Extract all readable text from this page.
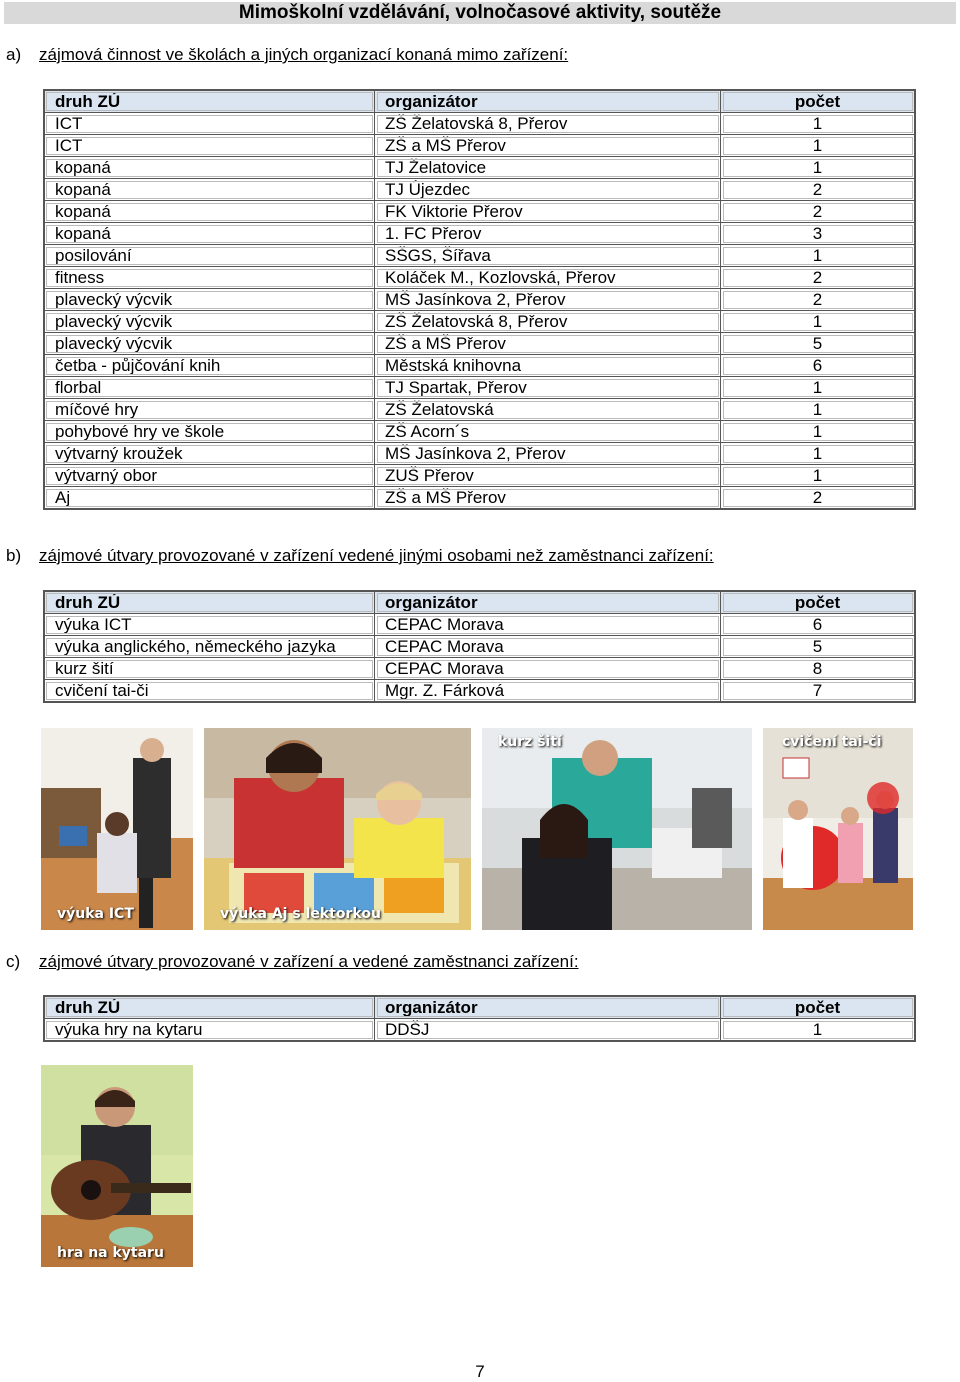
Mimoškolní vzdělávání, volnočasové aktivity, soutěže
a) zájmová činnost ve školách a jiných organizací konaná mimo zařízení:
druh ZÚ	organizátor	počet
ICT	ZŠ Želatovská 8, Přerov	1
ICT	ZŠ a MŠ Přerov	1
kopaná	TJ Želatovice	1
kopaná	TJ Újezdec	2
kopaná	FK Viktorie Přerov	2
kopaná	1. FC Přerov	3
posilování	SŠGS, Šířava	1
fitness	Koláček M., Kozlovská, Přerov	2
plavecký výcvik	MŠ Jasínkova 2, Přerov	2
plavecký výcvik	ZŠ Želatovská 8, Přerov	1
plavecký výcvik	ZŠ a MŠ Přerov	5
četba - půjčování knih	Městská knihovna	6
florbal	TJ Spartak, Přerov	1
míčové hry	ZŠ Želatovská	1
pohybové hry ve škole	ZŠ Acorn´s	1
výtvarný kroužek	MŠ Jasínkova 2, Přerov	1
výtvarný obor	ZUŠ Přerov	1
Aj	ZŠ a MŠ Přerov	2
b) zájmové útvary provozované v zařízení vedené jinými osobami než zaměstnanci zařízení:
druh ZÚ	organizátor	počet
výuka ICT	CEPAC Morava	6
výuka anglického, německého jazyka	CEPAC Morava	5
kurz šití	CEPAC Morava	8
cvičení tai-či	Mgr. Z. Fárková	7
výuka ICT	výuka Aj s lektorkou
kurz šití	cvičení tai-či
c) zájmové útvary provozované v zařízení a vedené zaměstnanci zařízení:
druh ZÚ	organizátor	počet
výuka hry na kytaru	DDŠJ	1
hra na kytaru
7
